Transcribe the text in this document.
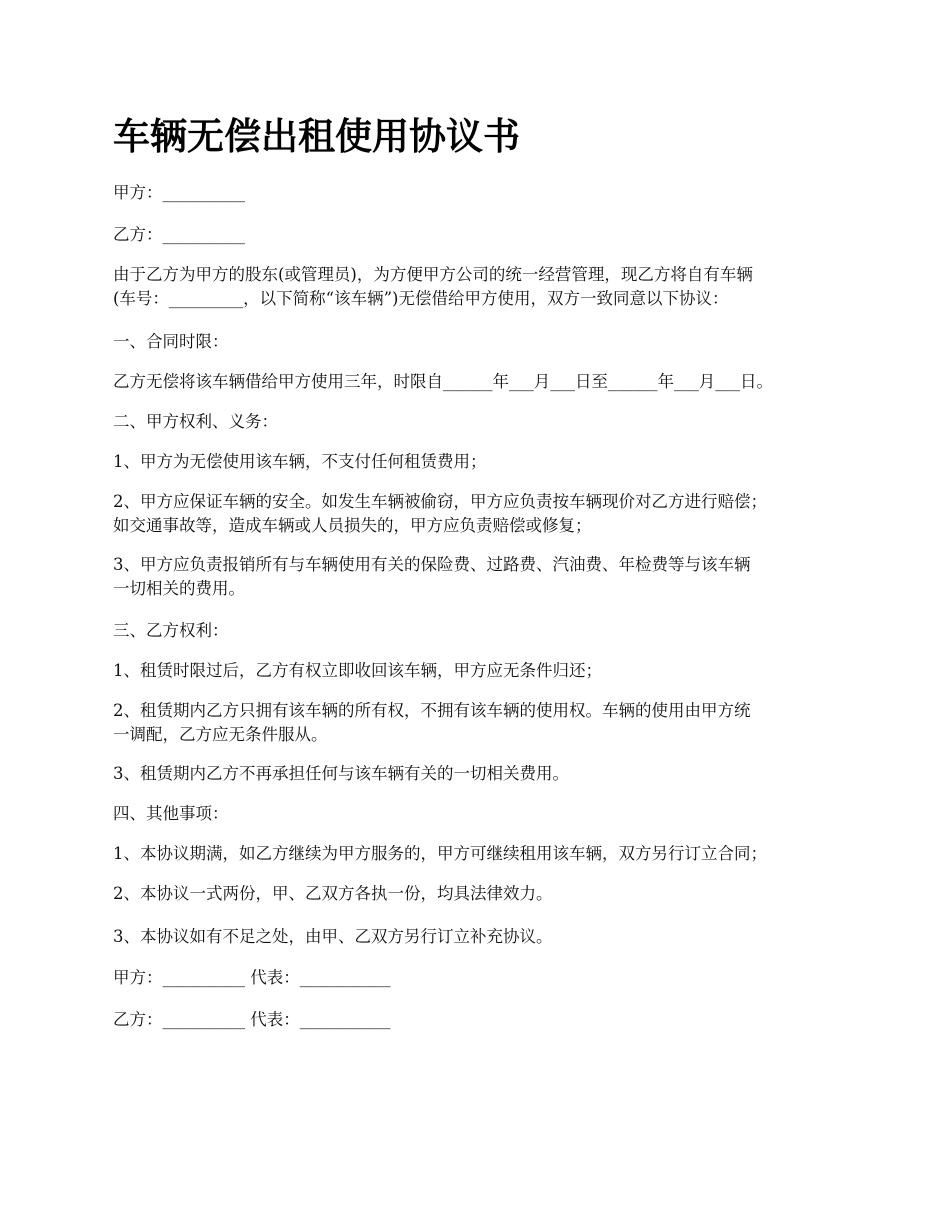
车辆无偿出租使用协议书

甲方：__________

乙方：__________

由于乙方为甲方的股东(或管理员)，为方便甲方公司的统一经营管理，现乙方将自有车辆
(车号：_________，以下简称“该车辆”)无偿借给甲方使用，双方一致同意以下协议：

一、合同时限：

乙方无偿将该车辆借给甲方使用三年，时限自______年___月___日至______年___月___日。

二、甲方权利、义务：

1、甲方为无偿使用该车辆，不支付任何租赁费用；

2、甲方应保证车辆的安全。如发生车辆被偷窃，甲方应负责按车辆现价对乙方进行赔偿；
如交通事故等，造成车辆或人员损失的，甲方应负责赔偿或修复；
3、甲方应负责报销所有与车辆使用有关的保险费、过路费、汽油费、年检费等与该车辆
一切相关的费用。

三、乙方权利：

1、租赁时限过后，乙方有权立即收回该车辆，甲方应无条件归还；

2、租赁期内乙方只拥有该车辆的所有权，不拥有该车辆的使用权。车辆的使用由甲方统
一调配，乙方应无条件服从。

3、租赁期内乙方不再承担任何与该车辆有关的一切相关费用。

四、其他事项：

1、本协议期满，如乙方继续为甲方服务的，甲方可继续租用该车辆，双方另行订立合同；

2、本协议一式两份，甲、乙双方各执一份，均具法律效力。

3、本协议如有不足之处，由甲、乙双方另行订立补充协议。

甲方：__________ 代表：___________

乙方：__________ 代表：___________
